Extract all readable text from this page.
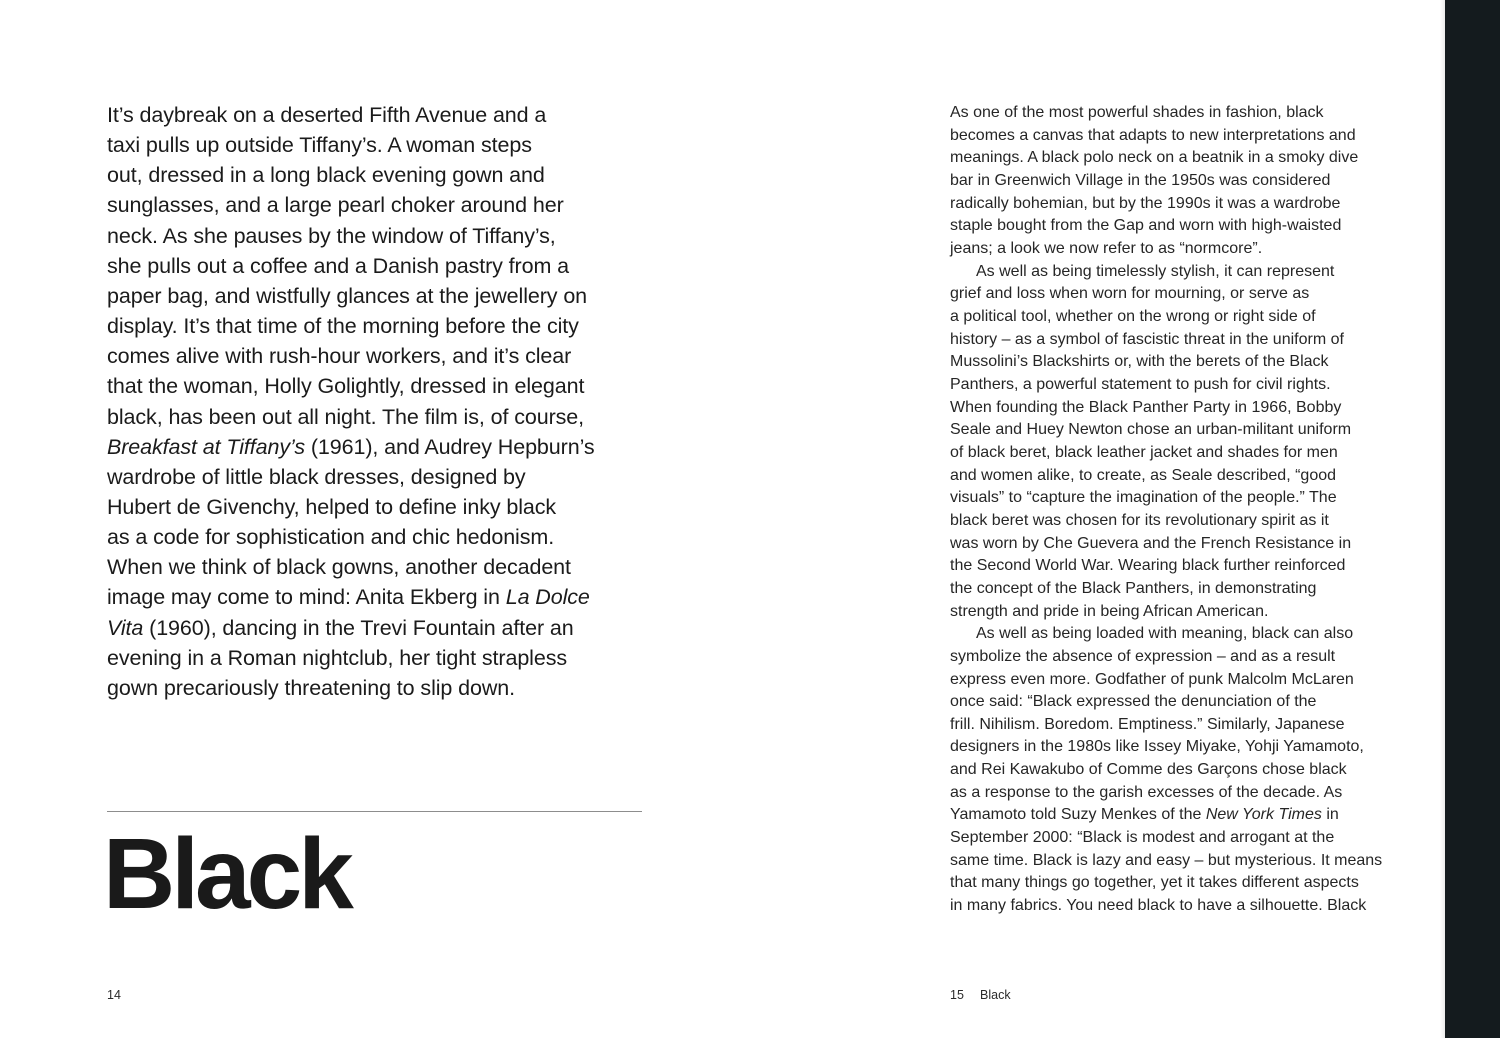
It’s daybreak on a deserted Fifth Avenue and a
taxi pulls up outside Tiffany’s. A woman steps
out, dressed in a long black evening gown and
sunglasses, and a large pearl choker around her
neck. As she pauses by the window of Tiffany’s,
she pulls out a coffee and a Danish pastry from a
paper bag, and wistfully glances at the jewellery on
display. It’s that time of the morning before the city
comes alive with rush-hour workers, and it’s clear
that the woman, Holly Golightly, dressed in elegant
black, has been out all night. The film is, of course,
Breakfast at Tiffany’s (1961), and Audrey Hepburn’s
wardrobe of little black dresses, designed by
Hubert de Givenchy, helped to define inky black
as a code for sophistication and chic hedonism.
When we think of black gowns, another decadent
image may come to mind: Anita Ekberg in La Dolce
Vita (1960), dancing in the Trevi Fountain after an
evening in a Roman nightclub, her tight strapless
gown precariously threatening to slip down.
Black
14
As one of the most powerful shades in fashion, black
becomes a canvas that adapts to new interpretations and
meanings. A black polo neck on a beatnik in a smoky dive
bar in Greenwich Village in the 1950s was considered
radically bohemian, but by the 1990s it was a wardrobe
staple bought from the Gap and worn with high-waisted
jeans; a look we now refer to as “normcore”.
As well as being timelessly stylish, it can represent
grief and loss when worn for mourning, or serve as
a political tool, whether on the wrong or right side of
history – as a symbol of fascistic threat in the uniform of
Mussolini’s Blackshirts or, with the berets of the Black
Panthers, a powerful statement to push for civil rights.
When founding the Black Panther Party in 1966, Bobby
Seale and Huey Newton chose an urban-militant uniform
of black beret, black leather jacket and shades for men
and women alike, to create, as Seale described, “good
visuals” to “capture the imagination of the people.” The
black beret was chosen for its revolutionary spirit as it
was worn by Che Guevera and the French Resistance in
the Second World War. Wearing black further reinforced
the concept of the Black Panthers, in demonstrating
strength and pride in being African American.
As well as being loaded with meaning, black can also
symbolize the absence of expression – and as a result
express even more. Godfather of punk Malcolm McLaren
once said: “Black expressed the denunciation of the
frill. Nihilism. Boredom. Emptiness.” Similarly, Japanese
designers in the 1980s like Issey Miyake, Yohji Yamamoto,
and Rei Kawakubo of Comme des Garçons chose black
as a response to the garish excesses of the decade. As
Yamamoto told Suzy Menkes of the New York Times in
September 2000: “Black is modest and arrogant at the
same time. Black is lazy and easy – but mysterious. It means
that many things go together, yet it takes different aspects
in many fabrics. You need black to have a silhouette. Black
15 Black
